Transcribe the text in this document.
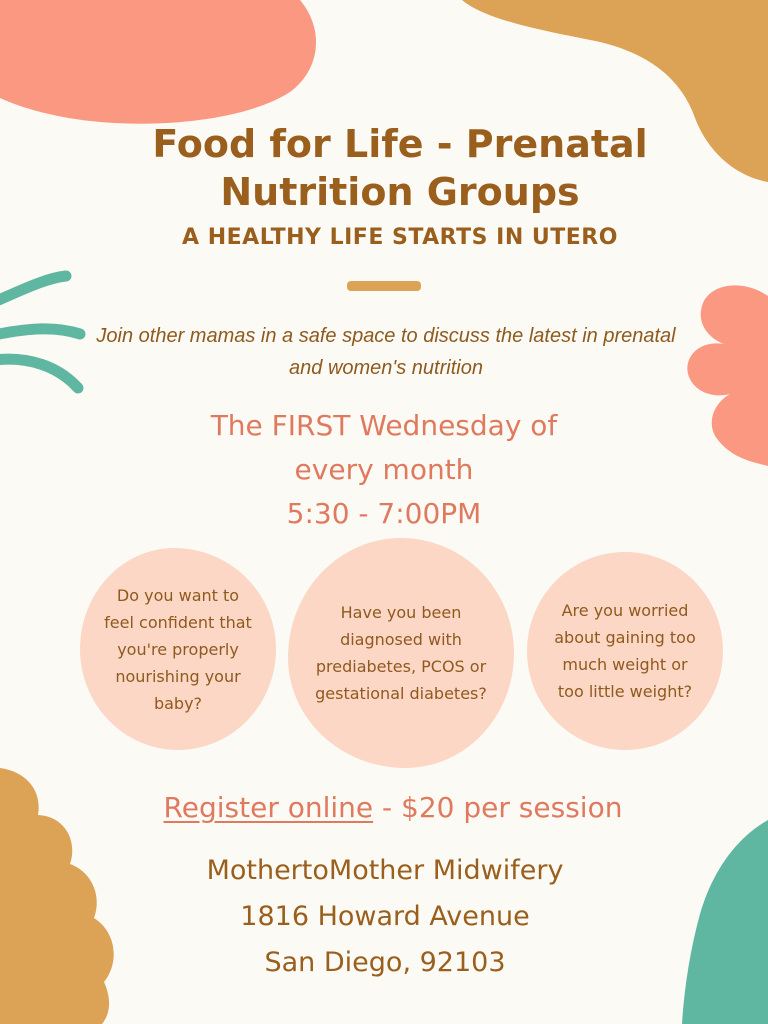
Food for Life - Prenatal Nutrition Groups
A HEALTHY LIFE STARTS IN UTERO
Join other mamas in a safe space to discuss the latest in prenatal and women's nutrition
The FIRST Wednesday of
every month
5:30 - 7:00PM
Do you want to feel confident that you're properly nourishing your baby?
Have you been diagnosed with prediabetes, PCOS or gestational diabetes?
Are you worried about gaining too much weight or too little weight?
Register online - $20 per session
MothertoMother Midwifery
1816 Howard Avenue
San Diego, 92103
